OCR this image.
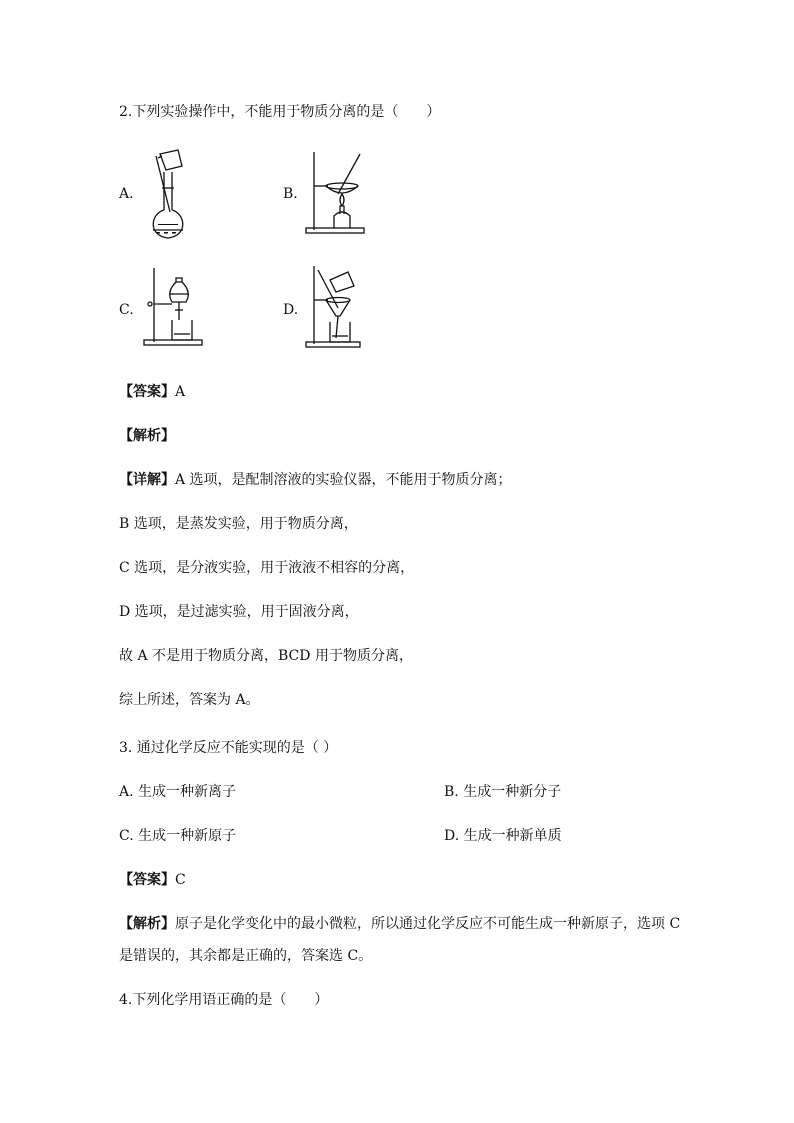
2.下列实验操作中，不能用于物质分离的是（　　）
A.	B.
C.	D.
【答案】A
【解析】
【详解】A 选项，是配制溶液的实验仪器，不能用于物质分离；
B 选项，是蒸发实验，用于物质分离，
C 选项，是分液实验，用于液液不相容的分离，
D 选项，是过滤实验，用于固液分离，
故 A 不是用于物质分离，BCD 用于物质分离，
综上所述，答案为 A。
3. 通过化学反应不能实现的是（ ）
A. 生成一种新离子	B. 生成一种新分子
C. 生成一种新原子	D. 生成一种新单质
【答案】C
【解析】原子是化学变化中的最小微粒，所以通过化学反应不可能生成一种新原子，选项 C
是错误的，其余都是正确的，答案选 C。
4.下列化学用语正确的是（　　）
